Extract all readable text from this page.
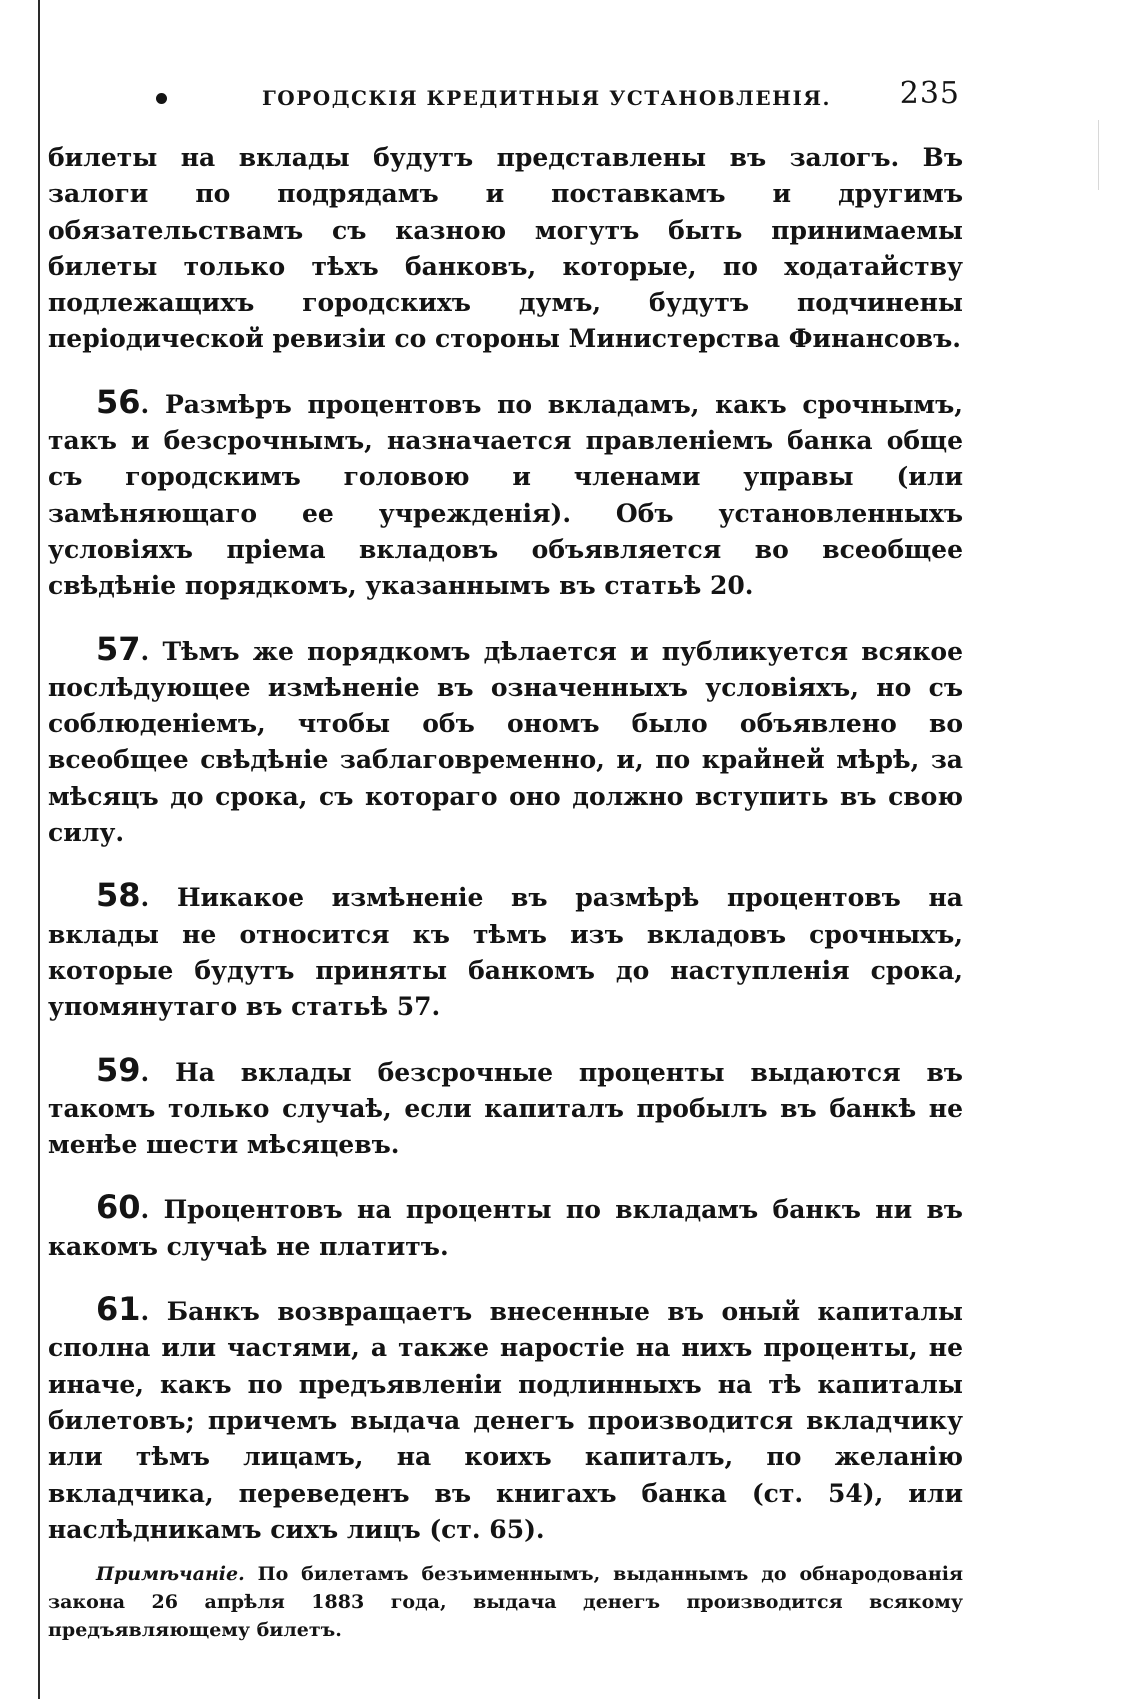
ГОРОДСКІЯ КРЕДИТНЫЯ УСТАНОВЛЕНІЯ. 235

билеты на вклады будутъ представлены въ залогъ. Въ залоги по подрядамъ и поставкамъ и другимъ обязательствамъ съ казною могутъ быть принимаемы билеты только тѣхъ банковъ, которые, по ходатайству подлежащихъ городскихъ думъ, будутъ подчинены періодической ревизіи со стороны Министерства Финансовъ.

56. Размѣръ процентовъ по вкладамъ, какъ срочнымъ, такъ и безсрочнымъ, назначается правленіемъ банка обще съ городскимъ головою и членами управы (или замѣняющаго ее учрежденія). Объ установленныхъ условіяхъ пріема вкладовъ объявляется во всеобщее свѣдѣніе порядкомъ, указаннымъ въ статьѣ 20.

57. Тѣмъ же порядкомъ дѣлается и публикуется всякое послѣдующее измѣненіе въ означенныхъ условіяхъ, но съ соблюденіемъ, чтобы объ ономъ было объявлено во всеобщее свѣдѣніе заблаговременно, и, по крайней мѣрѣ, за мѣсяцъ до срока, съ котораго оно должно вступить въ свою силу.

58. Никакое измѣненіе въ размѣрѣ процентовъ на вклады не относится къ тѣмъ изъ вкладовъ срочныхъ, которые будутъ приняты банкомъ до наступленія срока, упомянутаго въ статьѣ 57.

59. На вклады безсрочные проценты выдаются въ такомъ только случаѣ, если капиталъ пробылъ въ банкѣ не менѣе шести мѣсяцевъ.

60. Процентовъ на проценты по вкладамъ банкъ ни въ какомъ случаѣ не платитъ.

61. Банкъ возвращаетъ внесенные въ оный капиталы сполна или частями, а также наростіе на нихъ проценты, не иначе, какъ по предъявленіи подлинныхъ на тѣ капиталы билетовъ; причемъ выдача денегъ производится вкладчику или тѣмъ лицамъ, на коихъ капиталъ, по желанію вкладчика, переведенъ въ книгахъ банка (ст. 54), или наслѣдникамъ сихъ лицъ (ст. 65).

Примѣчаніе. По билетамъ безъименнымъ, выданнымъ до обнародованія закона 26 апрѣля 1883 года, выдача денегъ производится всякому предъявляющему билетъ.
